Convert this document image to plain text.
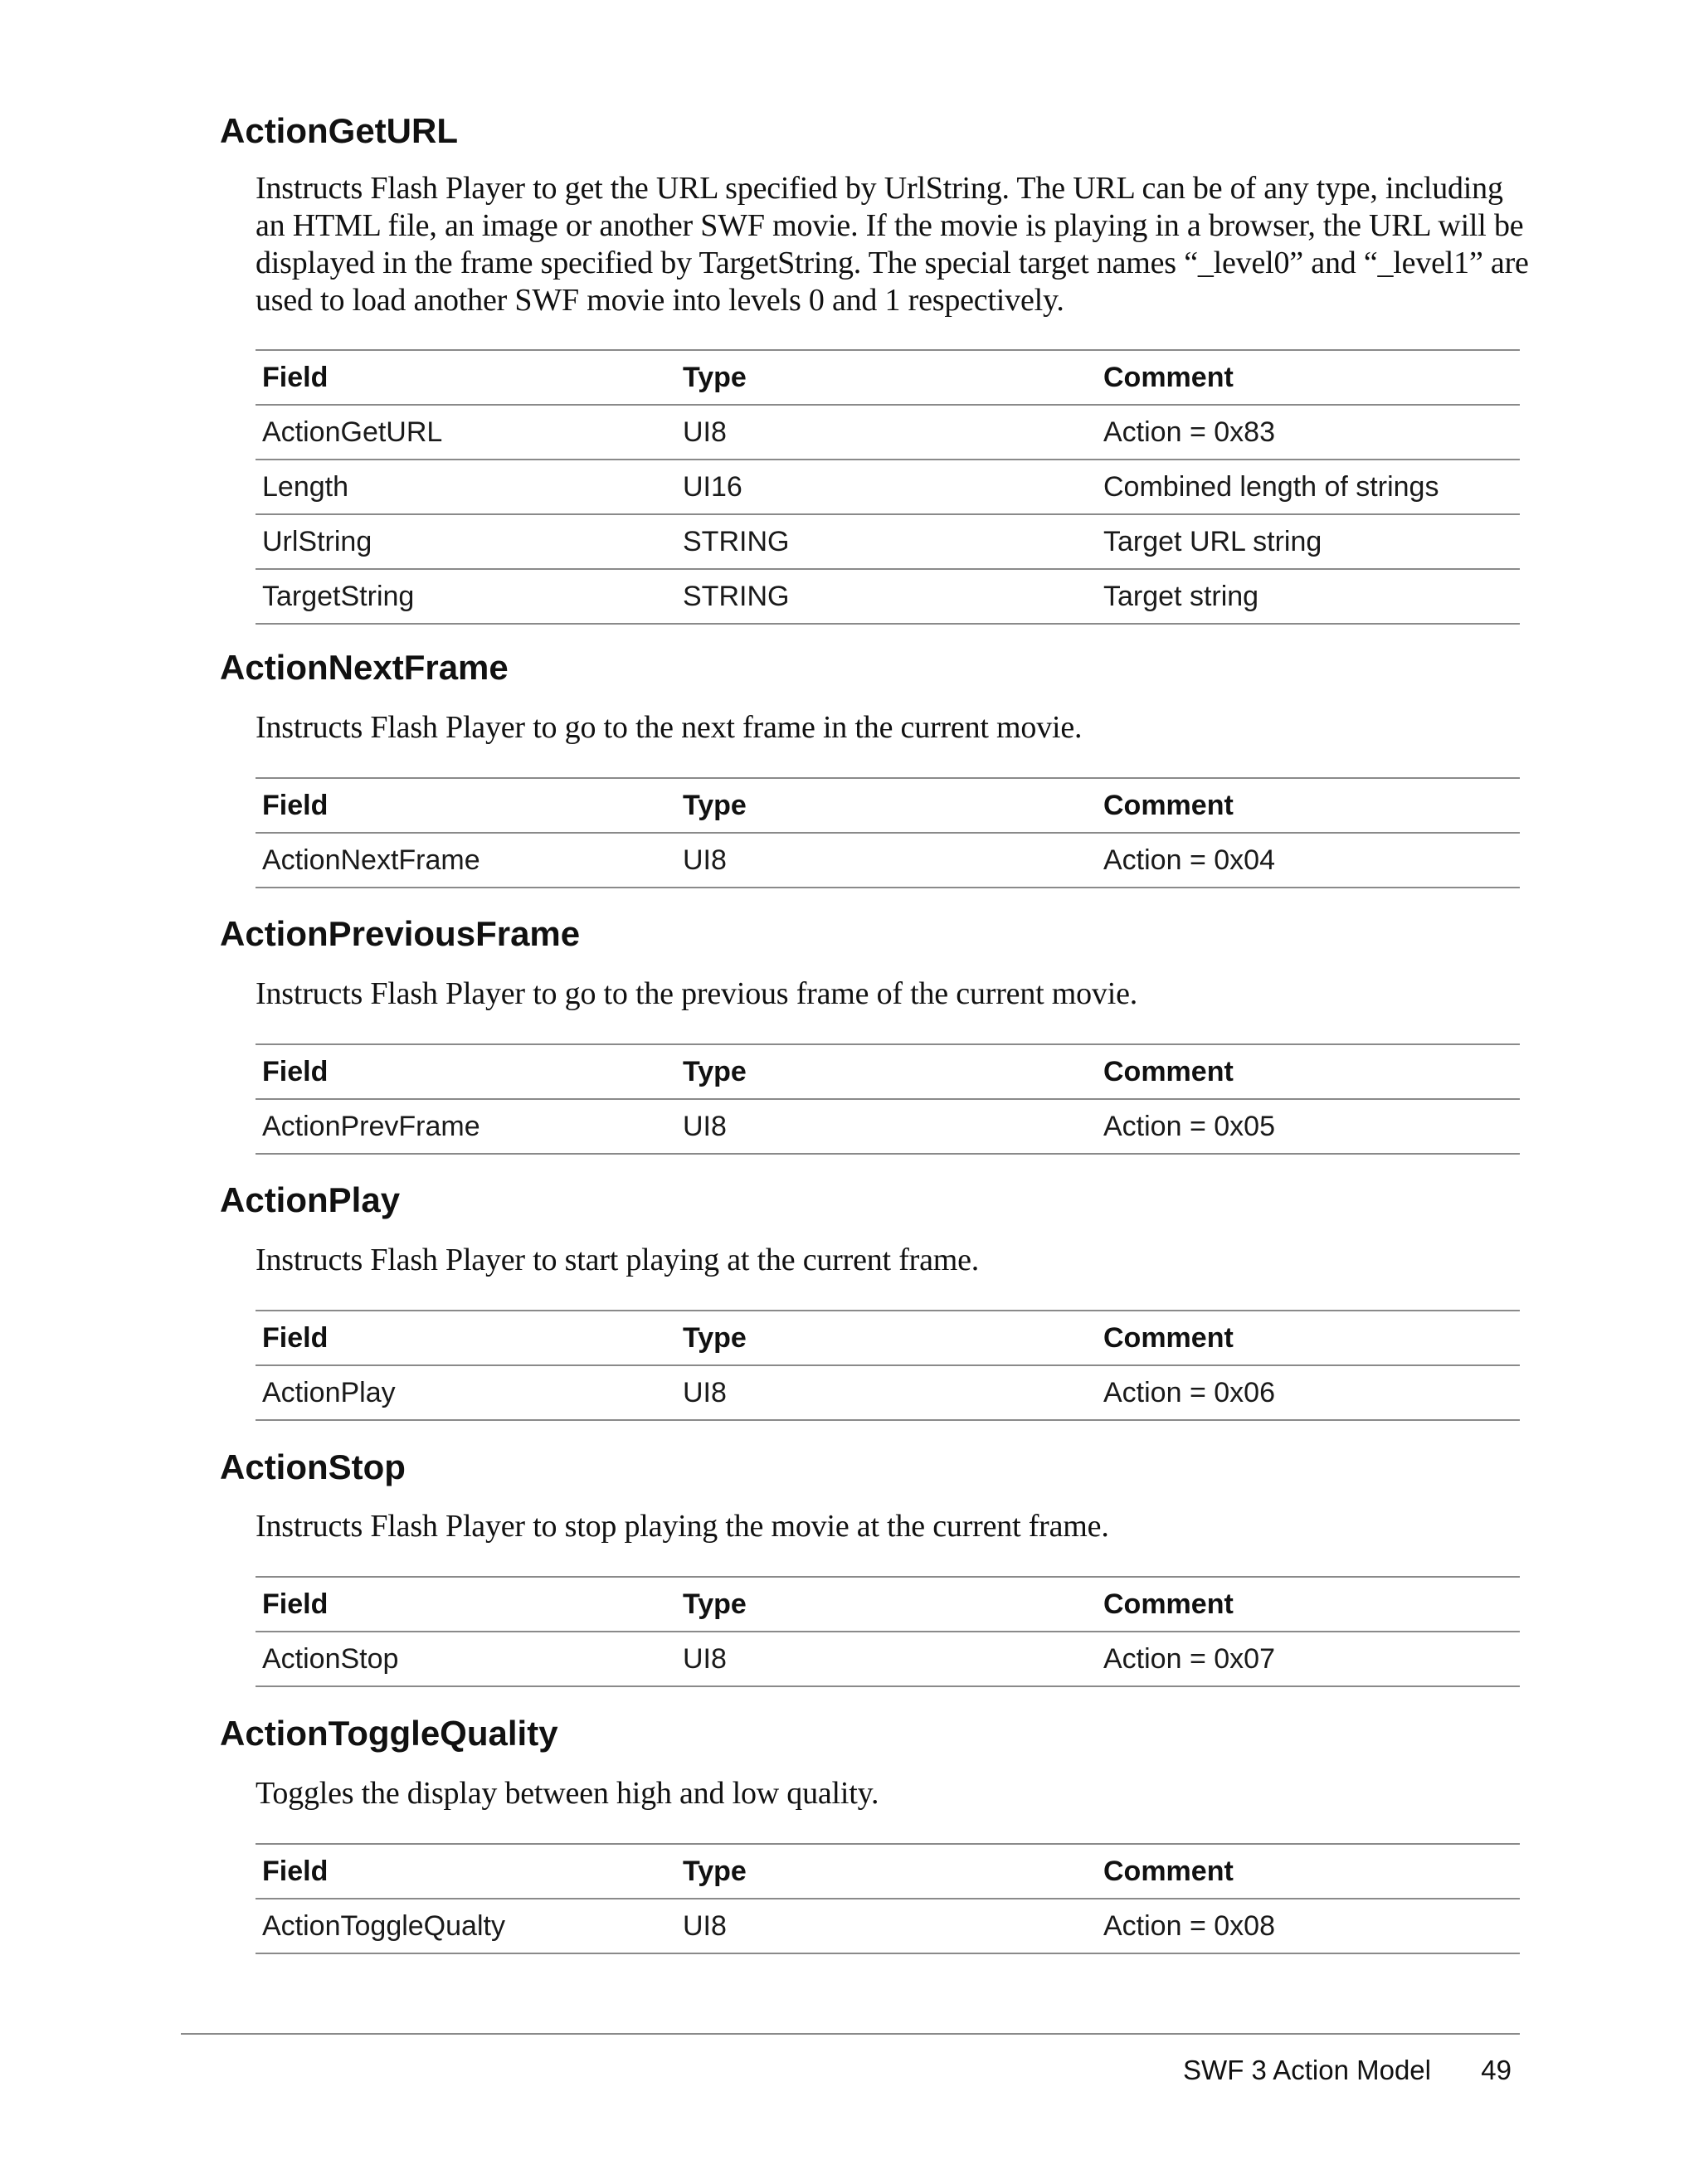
ActionGetURL

Instructs Flash Player to get the URL specified by UrlString. The URL can be of any type, including an HTML file, an image or another SWF movie. If the movie is playing in a browser, the URL will be displayed in the frame specified by TargetString. The special target names “_level0” and “_level1” are used to load another SWF movie into levels 0 and 1 respectively.

Field	Type	Comment
ActionGetURL	UI8	Action = 0x83
Length	UI16	Combined length of strings
UrlString	STRING	Target URL string
TargetString	STRING	Target string
ActionNextFrame

Instructs Flash Player to go to the next frame in the current movie.

Field	Type	Comment
ActionNextFrame	UI8	Action = 0x04
ActionPreviousFrame

Instructs Flash Player to go to the previous frame of the current movie.

Field	Type	Comment
ActionPrevFrame	UI8	Action = 0x05
ActionPlay

Instructs Flash Player to start playing at the current frame.

Field	Type	Comment
ActionPlay	UI8	Action = 0x06
ActionStop

Instructs Flash Player to stop playing the movie at the current frame.

Field	Type	Comment
ActionStop	UI8	Action = 0x07
ActionToggleQuality

Toggles the display between high and low quality.

Field	Type	Comment
ActionToggleQualty	UI8	Action = 0x08
SWF 3 Action Model	49
